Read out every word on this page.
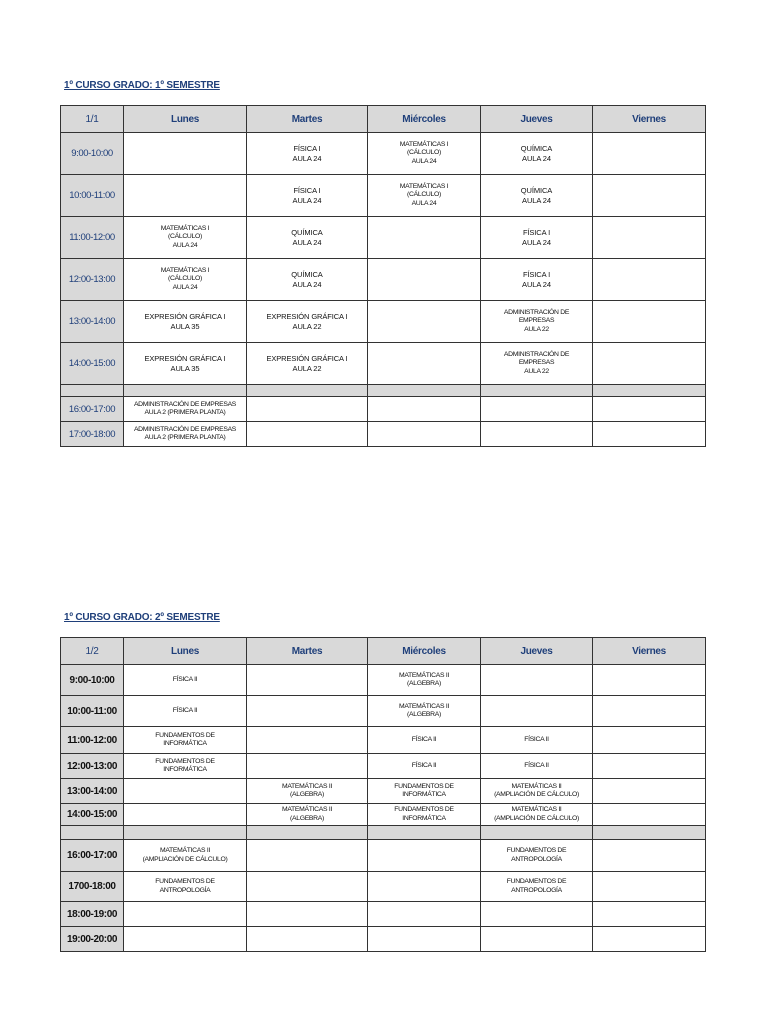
1º CURSO GRADO: 1º SEMESTRE
1/1	Lunes	Martes	Miércoles	Jueves	Viernes
9:00-10:00		FÍSICA I
AULA 24	MATEMÁTICAS I
(CÁLCULO)
AULA 24	QUÍMICA
AULA 24	
10:00-11:00		FÍSICA I
AULA 24	MATEMÁTICAS I
(CÁLCULO)
AULA 24	QUÍMICA
AULA 24	
11:00-12:00	MATEMÁTICAS I
(CÁLCULO)
AULA 24	QUÍMICA
AULA 24		FÍSICA I
AULA 24	
12:00-13:00	MATEMÁTICAS I
(CÁLCULO)
AULA 24	QUÍMICA
AULA 24		FÍSICA I
AULA 24	
13:00-14:00	EXPRESIÓN GRÁFICA I
AULA 35	EXPRESIÓN GRÁFICA I
AULA 22		ADMINISTRACIÓN DE
EMPRESAS
AULA 22	
14:00-15:00	EXPRESIÓN GRÁFICA I
AULA 35	EXPRESIÓN GRÁFICA I
AULA 22		ADMINISTRACIÓN DE
EMPRESAS
AULA 22	

16:00-17:00	ADMINISTRACIÓN DE EMPRESAS
AULA 2 (PRIMERA PLANTA)				
17:00-18:00	ADMINISTRACIÓN DE EMPRESAS
AULA 2 (PRIMERA PLANTA)				
1º CURSO GRADO: 2º SEMESTRE
1/2	Lunes	Martes	Miércoles	Jueves	Viernes
9:00-10:00	FÍSICA II		MATEMÁTICAS II
(ALGEBRA)		
10:00-11:00	FÍSICA II		MATEMÁTICAS II
(ALGEBRA)		
11:00-12:00	FUNDAMENTOS DE
INFORMÁTICA		FÍSICA II	FÍSICA II	
12:00-13:00	FUNDAMENTOS DE
INFORMÁTICA		FÍSICA II	FÍSICA II	
13:00-14:00		MATEMÁTICAS II
(ALGEBRA)	FUNDAMENTOS DE
INFORMÁTICA	MATEMÁTICAS II
(AMPLIACIÓN DE CÁLCULO)	
14:00-15:00		MATEMÁTICAS II
(ALGEBRA)	FUNDAMENTOS DE
INFORMÁTICA	MATEMÁTICAS II
(AMPLIACIÓN DE CÁLCULO)	

16:00-17:00	MATEMÁTICAS II
(AMPLIACIÓN DE CÁLCULO)			FUNDAMENTOS DE
ANTROPOLOGÍA	
1700-18:00	FUNDAMENTOS DE
ANTROPOLOGÍA			FUNDAMENTOS DE
ANTROPOLOGÍA	
18:00-19:00					
19:00-20:00					
